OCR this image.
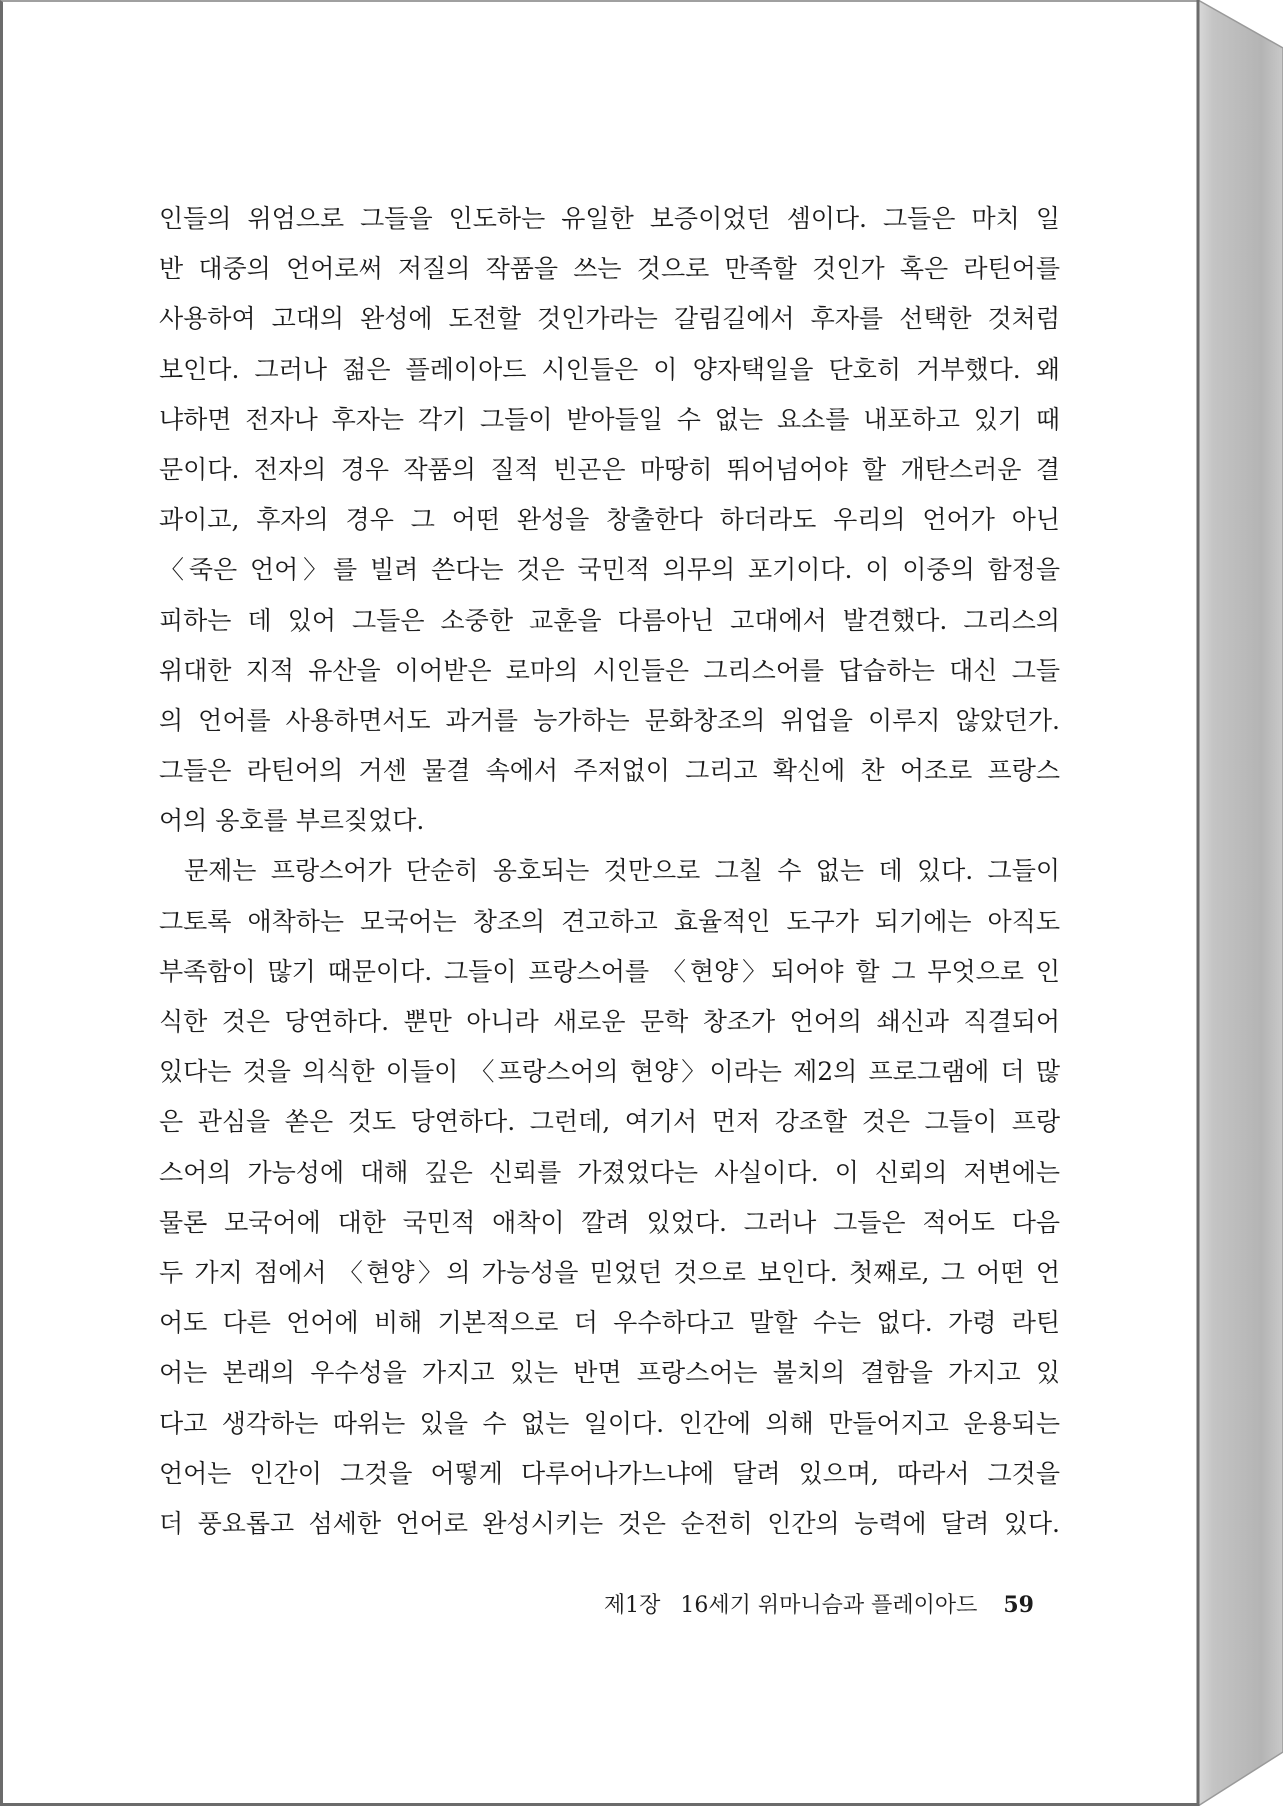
인들의 위엄으로 그들을 인도하는 유일한 보증이었던 셈이다. 그들은 마치 일
반 대중의 언어로써 저질의 작품을 쓰는 것으로 만족할 것인가 혹은 라틴어를
사용하여 고대의 완성에 도전할 것인가라는 갈림길에서 후자를 선택한 것처럼
보인다. 그러나 젊은 플레이아드 시인들은 이 양자택일을 단호히 거부했다. 왜
냐하면 전자나 후자는 각기 그들이 받아들일 수 없는 요소를 내포하고 있기 때
문이다. 전자의 경우 작품의 질적 빈곤은 마땅히 뛰어넘어야 할 개탄스러운 결
과이고, 후자의 경우 그 어떤 완성을 창출한다 하더라도 우리의 언어가 아닌
〈죽은 언어〉를 빌려 쓴다는 것은 국민적 의무의 포기이다. 이 이중의 함정을
피하는 데 있어 그들은 소중한 교훈을 다름아닌 고대에서 발견했다. 그리스의
위대한 지적 유산을 이어받은 로마의 시인들은 그리스어를 답습하는 대신 그들
의 언어를 사용하면서도 과거를 능가하는 문화창조의 위업을 이루지 않았던가.
그들은 라틴어의 거센 물결 속에서 주저없이 그리고 확신에 찬 어조로 프랑스
어의 옹호를 부르짖었다.
문제는 프랑스어가 단순히 옹호되는 것만으로 그칠 수 없는 데 있다. 그들이
그토록 애착하는 모국어는 창조의 견고하고 효율적인 도구가 되기에는 아직도
부족함이 많기 때문이다. 그들이 프랑스어를 〈현양〉되어야 할 그 무엇으로 인
식한 것은 당연하다. 뿐만 아니라 새로운 문학 창조가 언어의 쇄신과 직결되어
있다는 것을 의식한 이들이 〈프랑스어의 현양〉이라는 제2의 프로그램에 더 많
은 관심을 쏟은 것도 당연하다. 그런데, 여기서 먼저 강조할 것은 그들이 프랑
스어의 가능성에 대해 깊은 신뢰를 가졌었다는 사실이다. 이 신뢰의 저변에는
물론 모국어에 대한 국민적 애착이 깔려 있었다. 그러나 그들은 적어도 다음
두 가지 점에서 〈현양〉의 가능성을 믿었던 것으로 보인다. 첫째로, 그 어떤 언
어도 다른 언어에 비해 기본적으로 더 우수하다고 말할 수는 없다. 가령 라틴
어는 본래의 우수성을 가지고 있는 반면 프랑스어는 불치의 결함을 가지고 있
다고 생각하는 따위는 있을 수 없는 일이다. 인간에 의해 만들어지고 운용되는
언어는 인간이 그것을 어떻게 다루어나가느냐에 달려 있으며, 따라서 그것을
더 풍요롭고 섬세한 언어로 완성시키는 것은 순전히 인간의 능력에 달려 있다.
제1장 16세기 위마니슴과 플레이아드 59
